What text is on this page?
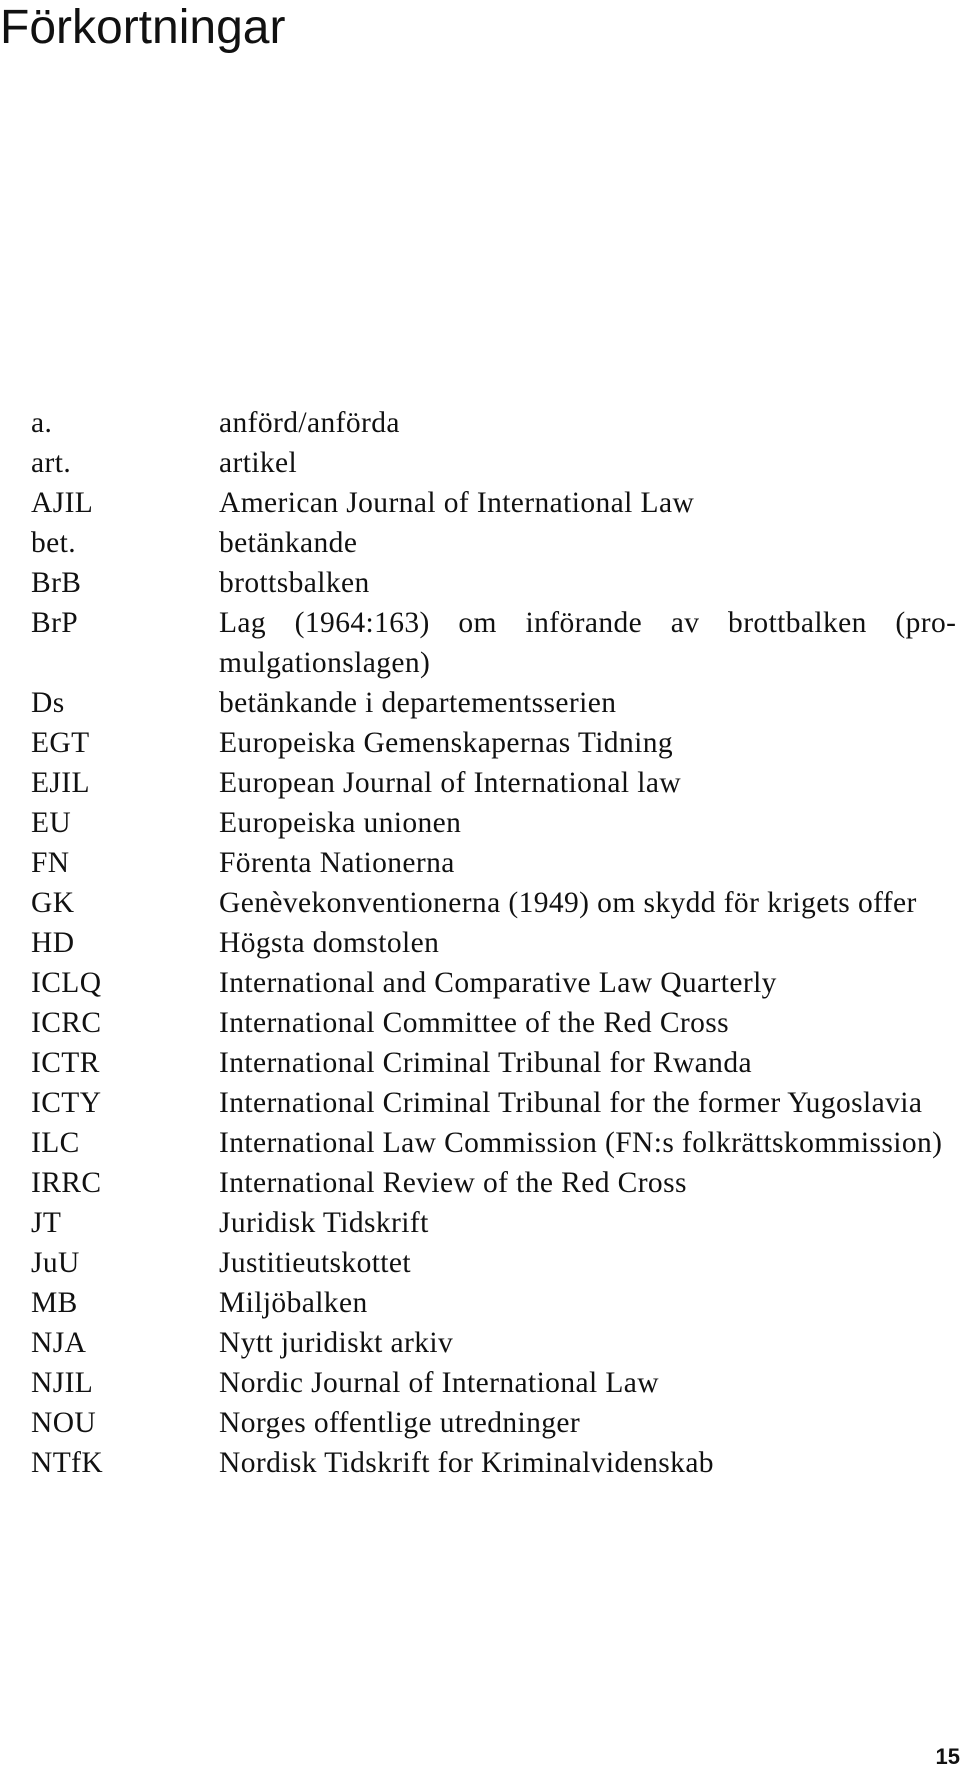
Förkortningar
a.	anförd/anförda
art.	artikel
AJIL	American Journal of International Law
bet.	betänkande
BrB	brottsbalken
BrP	Lag (1964:163) om införande av brottbalken (promulgationslagen)
Ds	betänkande i departementsserien
EGT	Europeiska Gemenskapernas Tidning
EJIL	European Journal of International law
EU	Europeiska unionen
FN	Förenta Nationerna
GK	Genèvekonventionerna (1949) om skydd för krigets offer
HD	Högsta domstolen
ICLQ	International and Comparative Law Quarterly
ICRC	International Committee of the Red Cross
ICTR	International Criminal Tribunal for Rwanda
ICTY	International Criminal Tribunal for the former Yugoslavia
ILC	International Law Commission (FN:s folkrättskommission)
IRRC	International Review of the Red Cross
JT	Juridisk Tidskrift
JuU	Justitieutskottet
MB	Miljöbalken
NJA	Nytt juridiskt arkiv
NJIL	Nordic Journal of International Law
NOU	Norges offentlige utredninger
NTfK	Nordisk Tidskrift for Kriminalvidenskab
15
